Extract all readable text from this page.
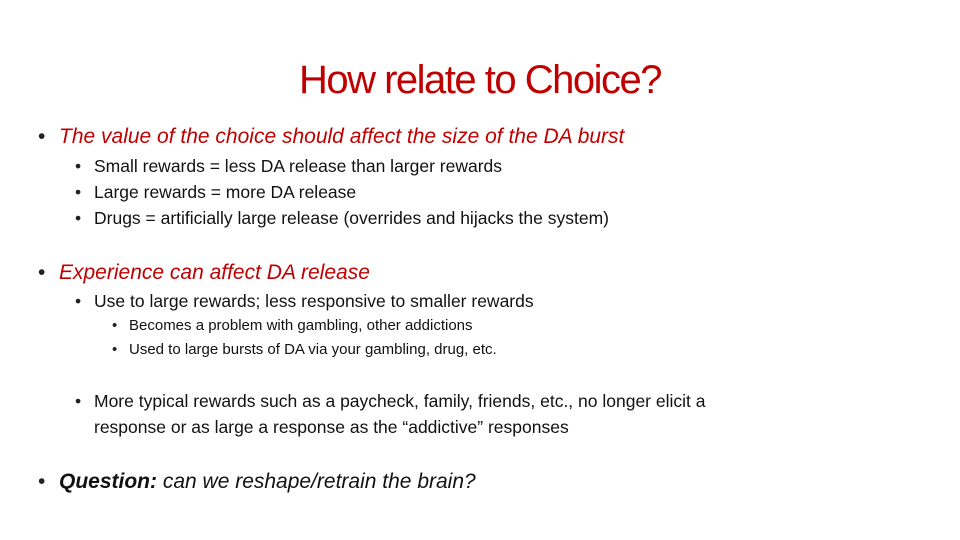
How relate to Choice?
• The value of the choice should affect the size of the DA burst
• Small rewards = less DA release than larger rewards
• Large rewards = more DA release
• Drugs = artificially large release (overrides and hijacks the system)
• Experience can affect DA release
• Use to large rewards; less responsive to smaller rewards
• Becomes a problem with gambling, other addictions
• Used to large bursts of DA via your gambling, drug, etc.
• More typical rewards such as a paycheck, family, friends, etc., no longer elicit a
response or as large a response as the “addictive” responses
• Question: can we reshape/retrain the brain?
